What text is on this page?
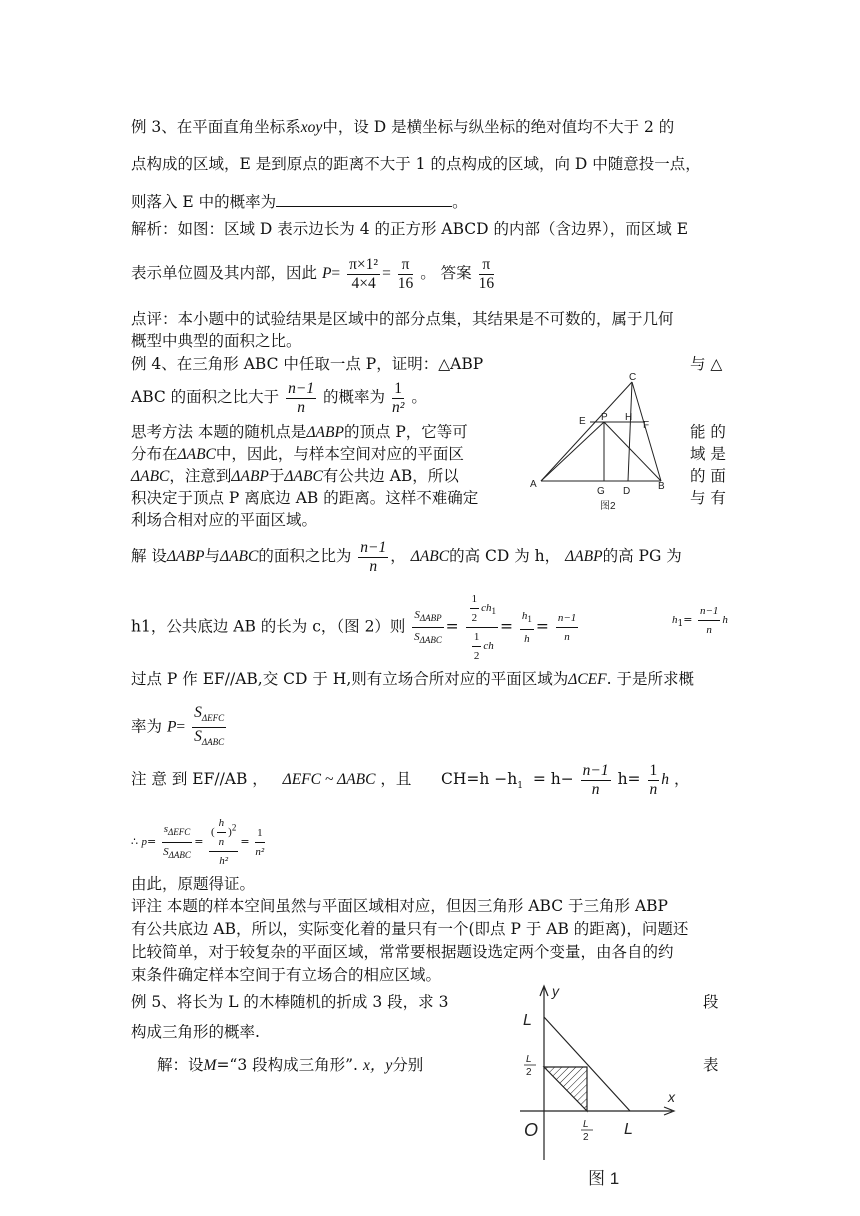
例 3、在平面直角坐标系xoy中，设 D 是横坐标与纵坐标的绝对值均不大于 2 的
点构成的区域，E 是到原点的距离不大于 1 的点构成的区域，向 D 中随意投一点，
则落入 E 中的概率为	。
解析：如图：区域 D 表示边长为 4 的正方形 ABCD 的内部（含边界），而区域 E
表示单位圆及其内部，因此 $P= \frac{\text{π×1²}}{4\times 4} = \frac{\pi}{16}$ 。 答案 $\frac{\pi}{16}$
点评：本小题中的试验结果是区域中的部分点集，其结果是不可数的，属于几何
概型中典型的面积之比。
例 4、在三角形 ABC 中任取一点 P，证明：△ABP	与 △
ABC 的面积之比大于 $\frac{n-1}{n}$ 的概率为 $\frac{1}{\text{n²}}$ 。
思考方法 本题的随机点是ΔABP的顶点 P，它等可	能 的
分布在ΔABC中，因此，与样本空间对应的平面区	域 是
ΔABC，注意到ΔABP于ΔABC有公共边 AB，所以	的 面
积决定于顶点 P 离底边 AB 的距离。这样不难确定	与 有
利场合相对应的平面区域。
C
E P H
F
A
G D	B
图2
解 设ΔABP与ΔABC的面积之比为 $\frac{n-1}{n}$ ， ΔABC的高 CD 为 h， ΔABP的高 PG 为
h1，公共底边 AB 的长为 c，（图 2）则 $\frac{S_{\Delta ABP}}{S_{\Delta ABC}} = \frac{\frac{1}{2} ch_1}{\frac{1}{2} ch} = \frac{h_1}{h} = \frac{n-1}{n}$	$h_1= \frac{n-1}{n}$ h
过点 P 作 EF//AB,交 CD 于 H,则有立场合所对应的平面区域为ΔCEF. 于是所求概
率为 $P= \frac{S_{\Delta EFC}}{S_{\Delta ABC}}$
注 意 到 EF//AB ， ΔEFC ~ ΔABC ，且 $CH=h -h_1 = h- \frac{n-1}{n} h= \frac{1}{n}$ h ，
∴ $p= \frac{s_{\Delta EFC}}{S_{\Delta ABC}} = \frac{( \frac{h}{n} )^2}{\text{h²}} = \frac{1}{\text{n²}}$
由此，原题得证。
评注 本题的样本空间虽然与平面区域相对应，但因三角形 ABC 于三角形 ABP
有公共底边 AB，所以，实际变化着的量只有一个(即点 P 于 AB 的距离)，问题还
比较简单，对于较复杂的平面区域，常常要根据题设选定两个变量，由各自的约
束条件确定样本空间于有立场合的相应区域。
例 5、将长为 L 的木棒随机的折成 3 段，求 3	段
构成三角形的概率.
解：设M=“3 段构成三角形”. x，y分别	表
y
x
L
L
O
L
2
L
2
图 1
